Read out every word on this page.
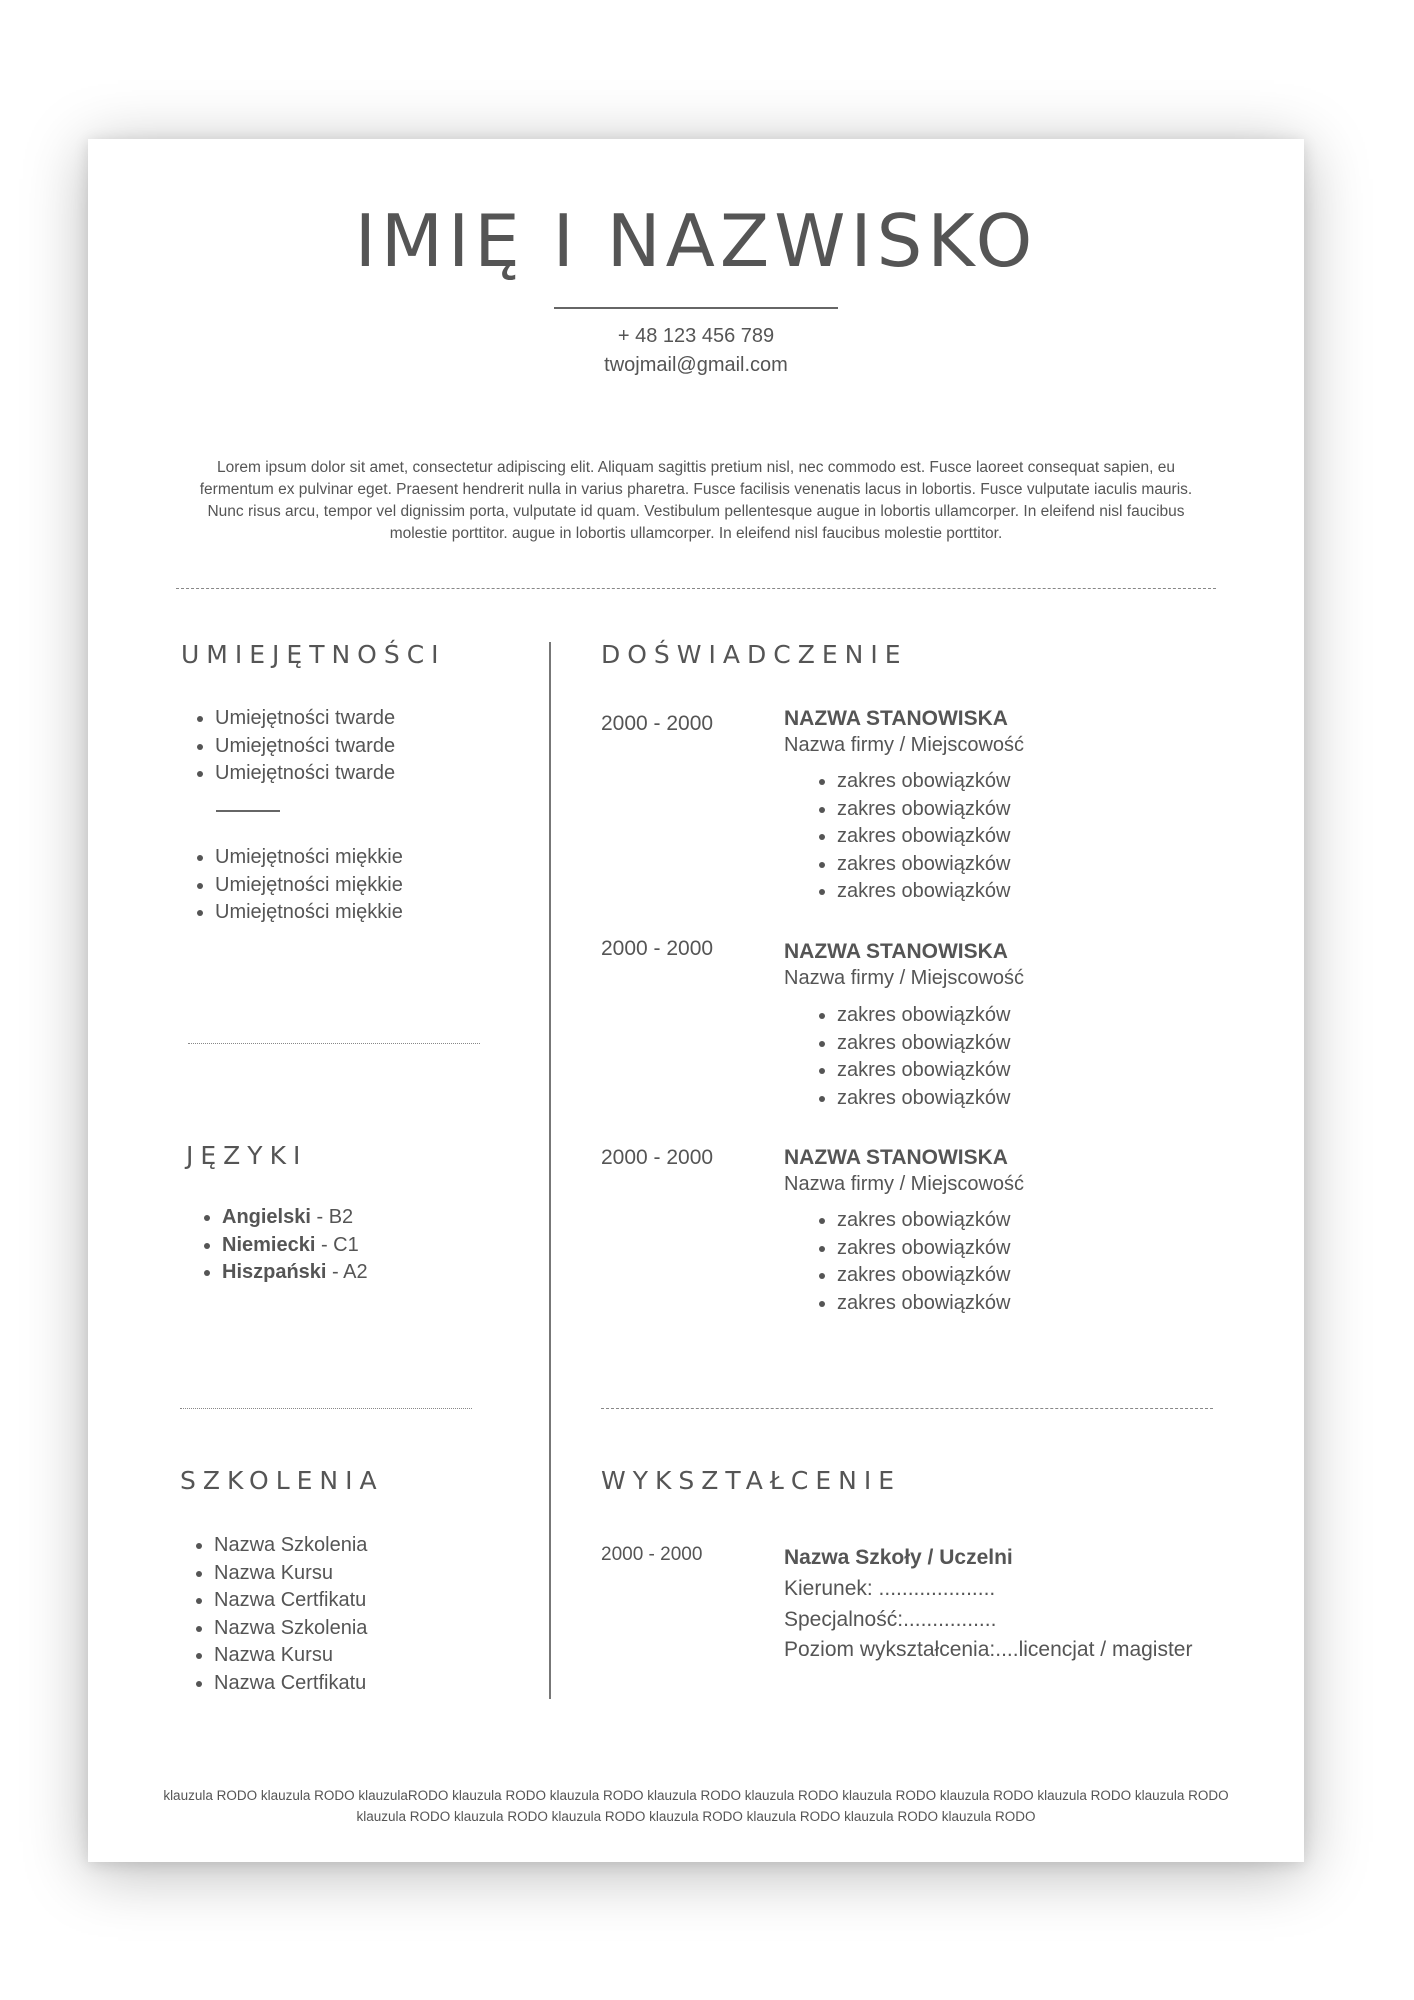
IMIĘ I NAZWISKO
+ 48 123 456 789
twojmail@gmail.com

Lorem ipsum dolor sit amet, consectetur adipiscing elit. Aliquam sagittis pretium nisl, nec commodo est. Fusce laoreet consequat sapien, eu fermentum ex pulvinar eget. Praesent hendrerit nulla in varius pharetra. Fusce facilisis venenatis lacus in lobortis. Fusce vulputate iaculis mauris. Nunc risus arcu, tempor vel dignissim porta, vulputate id quam. Vestibulum pellentesque augue in lobortis ullamcorper. In eleifend nisl faucibus molestie porttitor. augue in lobortis ullamcorper. In eleifend nisl faucibus molestie porttitor.

UMIEJĘTNOŚCI
• Umiejętności twarde
• Umiejętności twarde
• Umiejętności twarde
• Umiejętności miękkie
• Umiejętności miękkie
• Umiejętności miękkie
JĘZYKI
• Angielski - B2
• Niemiecki - C1
• Hiszpański - A2
SZKOLENIA
• Nazwa Szkolenia
• Nazwa Kursu
• Nazwa Certfikatu
• Nazwa Szkolenia
• Nazwa Kursu
• Nazwa Certfikatu
DOŚWIADCZENIE
2000 - 2000	NAZWA STANOWISKA
Nazwa firmy / Miejscowość
• zakres obowiązków
• zakres obowiązków
• zakres obowiązków
• zakres obowiązków
• zakres obowiązków
2000 - 2000	NAZWA STANOWISKA
Nazwa firmy / Miejscowość
• zakres obowiązków
• zakres obowiązków
• zakres obowiązków
• zakres obowiązków
2000 - 2000	NAZWA STANOWISKA
Nazwa firmy / Miejscowość
• zakres obowiązków
• zakres obowiązków
• zakres obowiązków
• zakres obowiązków
WYKSZTAŁCENIE
2000 - 2000	Nazwa Szkoły / Uczelni
Kierunek: ....................
Specjalność:................
Poziom wykształcenia:....licencjat / magister

klauzula RODO klauzula RODO klauzulaRODO klauzula RODO klauzula RODO klauzula RODO klauzula RODO klauzula RODO klauzula RODO klauzula RODO klauzula RODO klauzula RODO klauzula RODO klauzula RODO klauzula RODO klauzula RODO klauzula RODO klauzula RODO
